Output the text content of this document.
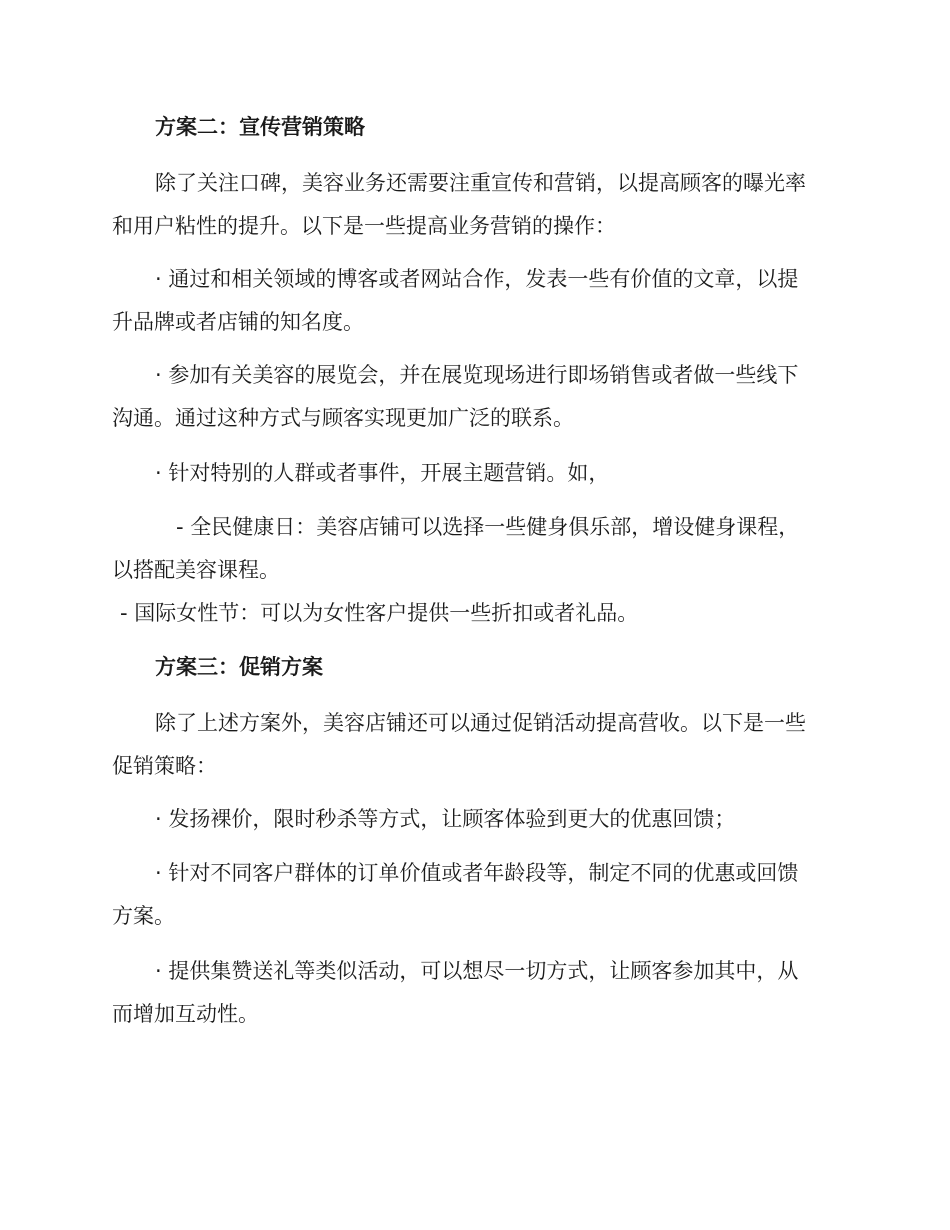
方案二：宣传营销策略
除了关注口碑，美容业务还需要注重宣传和营销，以提高顾客的曝光率
和用户粘性的提升。以下是一些提高业务营销的操作：
· 通过和相关领域的博客或者网站合作，发表一些有价值的文章，以提
升品牌或者店铺的知名度。
· 参加有关美容的展览会，并在展览现场进行即场销售或者做一些线下
沟通。通过这种方式与顾客实现更加广泛的联系。
· 针对特别的人群或者事件，开展主题营销。如，
- 全民健康日：美容店铺可以选择一些健身俱乐部，增设健身课程，
以搭配美容课程。
- 国际女性节：可以为女性客户提供一些折扣或者礼品。
方案三：促销方案
除了上述方案外，美容店铺还可以通过促销活动提高营收。以下是一些
促销策略：
· 发扬裸价，限时秒杀等方式，让顾客体验到更大的优惠回馈；
· 针对不同客户群体的订单价值或者年龄段等，制定不同的优惠或回馈
方案。
· 提供集赞送礼等类似活动，可以想尽一切方式，让顾客参加其中，从
而增加互动性。
